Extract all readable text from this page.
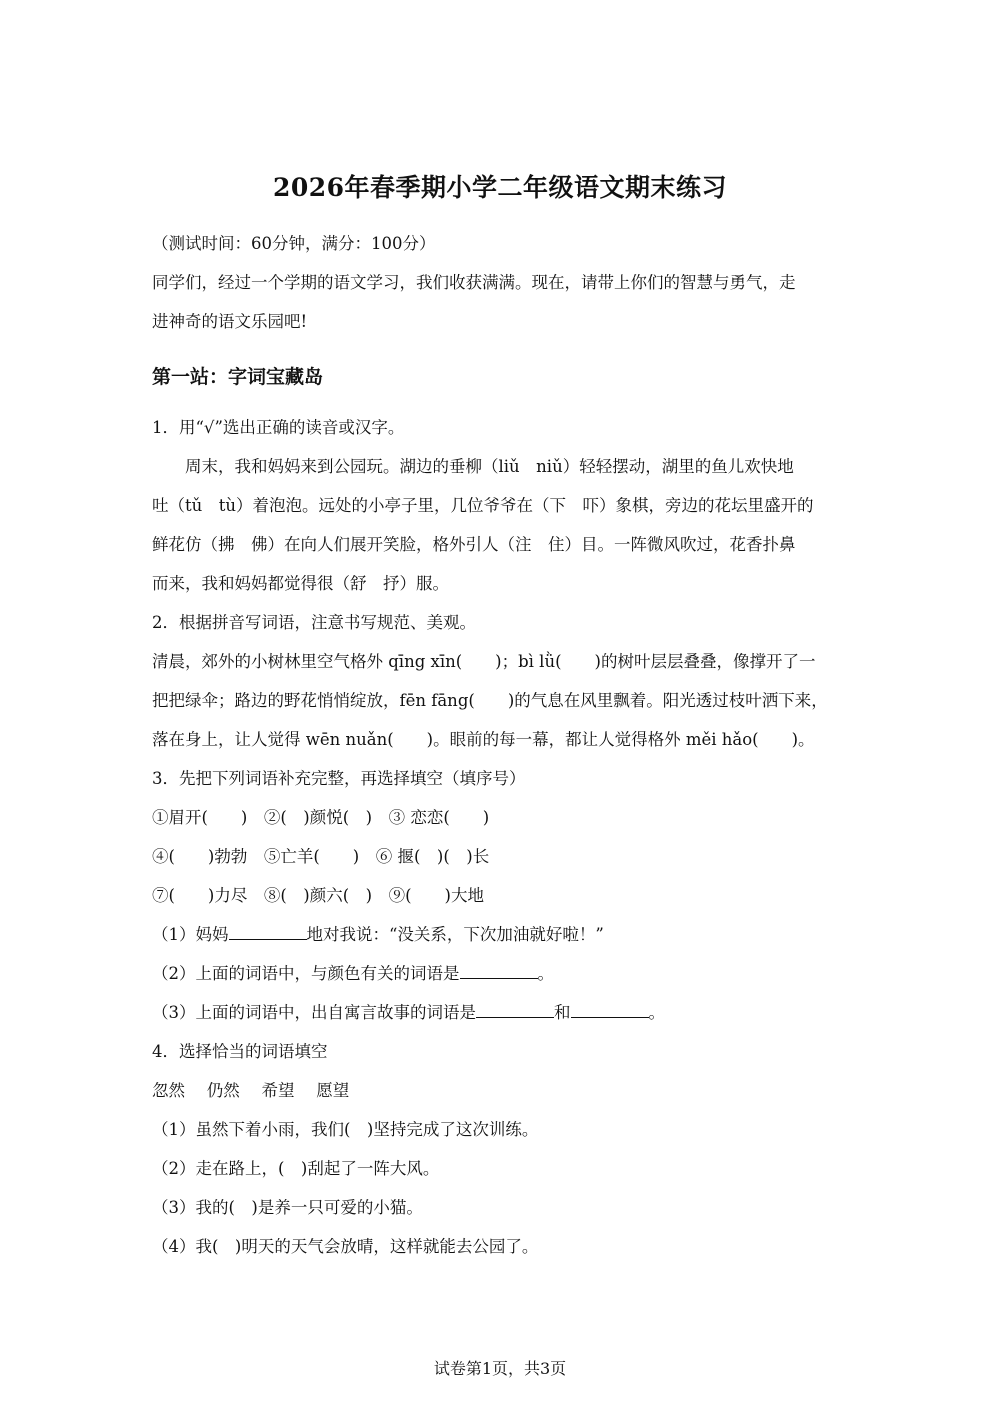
2026年春季期小学二年级语文期末练习
（测试时间：60分钟，满分：100分）
同学们，经过一个学期的语文学习，我们收获满满。现在，请带上你们的智慧与勇气，走
进神奇的语文乐园吧!
第一站：字词宝藏岛
1．用“√”选出正确的读音或汉字。
　　周末，我和妈妈来到公园玩。湖边的垂柳（liǔ　niǔ）轻轻摆动，湖里的鱼儿欢快地
吐（tǔ　tù）着泡泡。远处的小亭子里，几位爷爷在（下　吓）象棋，旁边的花坛里盛开的
鲜花仿（拂　佛）在向人们展开笑脸，格外引人（注　住）目。一阵微风吹过，花香扑鼻
而来，我和妈妈都觉得很（舒　抒）服。
2．根据拼音写词语，注意书写规范、美观。
清晨，郊外的小树林里空气格外 qīng xīn(　　)；bì lǜ(　　)的树叶层层叠叠，像撑开了一
把把绿伞；路边的野花悄悄绽放，fēn fāng(　　)的气息在风里飘着。阳光透过枝叶洒下来，
落在身上，让人觉得 wēn nuǎn(　　)。眼前的每一幕，都让人觉得格外 měi hǎo(　　)。
3．先把下列词语补充完整，再选择填空（填序号）
①眉开(　　)　②(　)颜悦(　)　③ 恋恋(　　)
④(　　)勃勃　⑤亡羊(　　)　⑥ 揠(　)(　)长
⑦(　　)力尽　⑧(　)颜六(　)　⑨(　　)大地
（1）妈妈	地对我说：“没关系，下次加油就好啦！”
（2）上面的词语中，与颜色有关的词语是	。
（3）上面的词语中，出自寓言故事的词语是	和	。
4．选择恰当的词语填空
忽然　 仍然　 希望　 愿望
（1）虽然下着小雨，我们(　)坚持完成了这次训练。
（2）走在路上，(　)刮起了一阵大风。
（3）我的(　)是养一只可爱的小猫。
（4）我(　)明天的天气会放晴，这样就能去公园了。
试卷第1页，共3页
